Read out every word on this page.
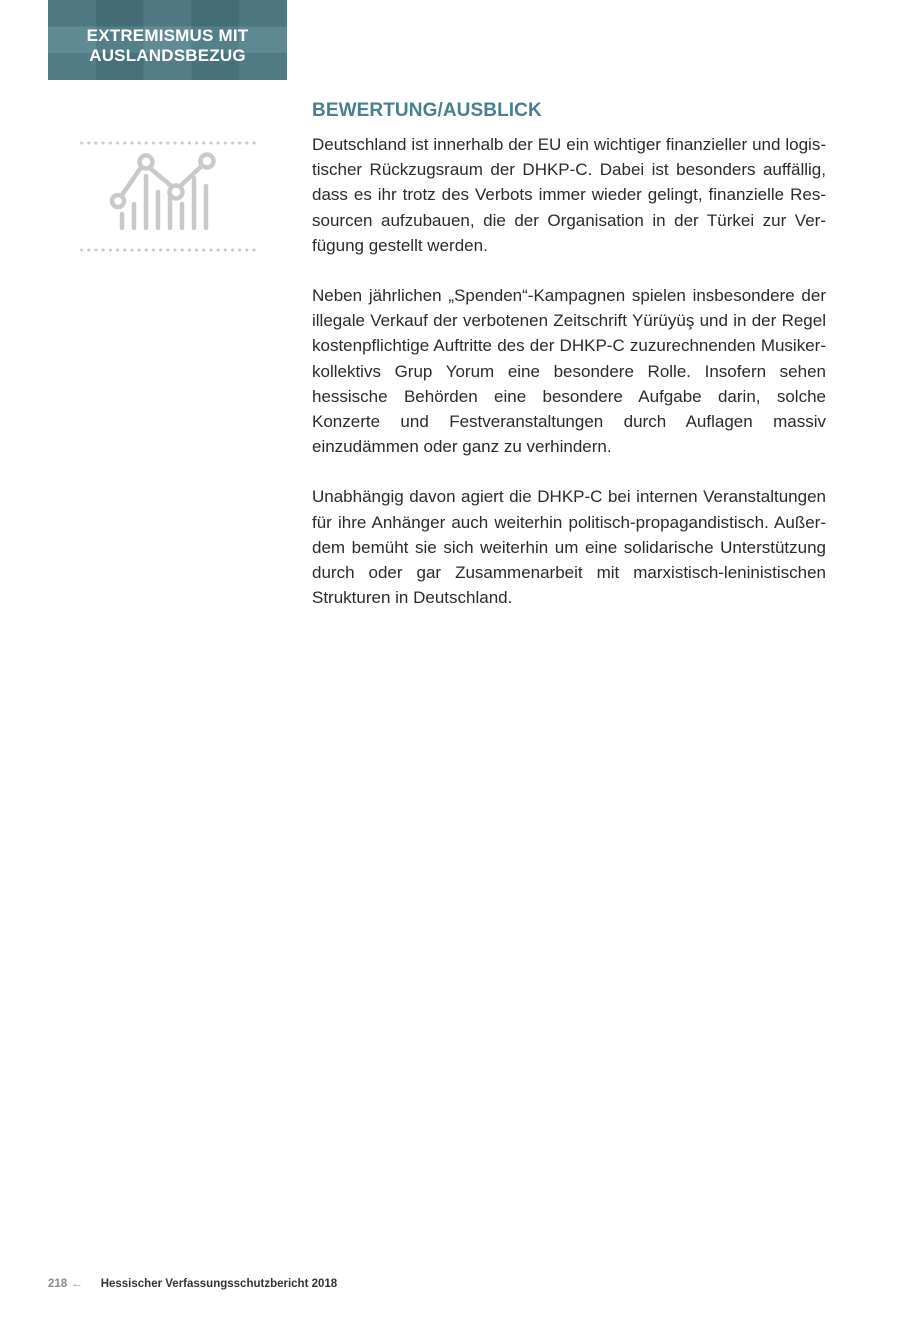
EXTREMISMUS MIT
AUSLANDSBEZUG
BEWERTUNG/AUSBLICK

Deutschland ist innerhalb der EU ein wichtiger finanzieller und logistischer Rückzugsraum der DHKP-C. Dabei ist besonders auffällig, dass es ihr trotz des Verbots immer wieder gelingt, finanzielle Ressourcen aufzubauen, die der Organisation in der Türkei zur Verfügung gestellt werden.

Neben jährlichen „Spenden“-Kampagnen spielen insbesondere der illegale Verkauf der verbotenen Zeitschrift Yürüyüş und in der Regel kostenpflichtige Auftritte des der DHKP-C zuzurechnenden Musikerkollektivs Grup Yorum eine besondere Rolle. Insofern sehen hessische Behörden eine besondere Aufgabe darin, solche Konzerte und Festveranstaltungen durch Auflagen massiv einzudämmen oder ganz zu verhindern.

Unabhängig davon agiert die DHKP-C bei internen Veranstaltungen für ihre Anhänger auch weiterhin politisch-propagandistisch. Außerdem bemüht sie sich weiterhin um eine solidarische Unterstützung durch oder gar Zusammenarbeit mit marxistisch-leninistischen Strukturen in Deutschland.

218 ← Hessischer Verfassungsschutzbericht 2018
